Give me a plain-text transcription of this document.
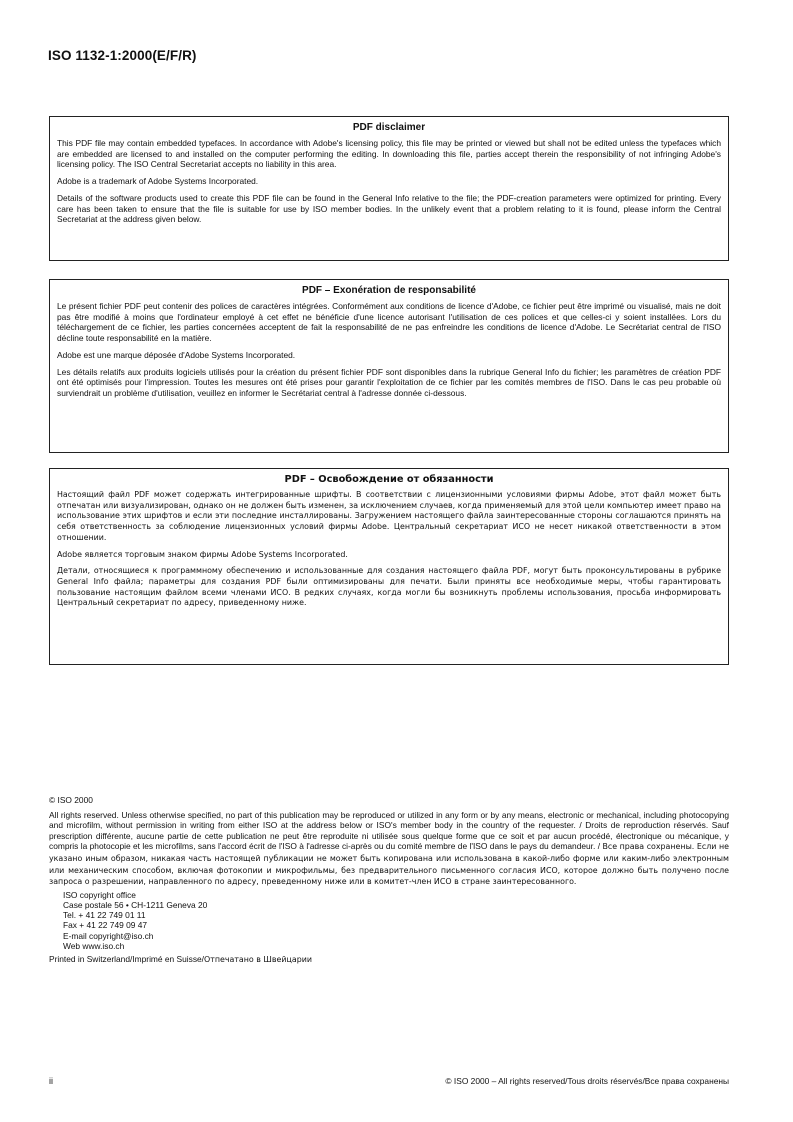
ISO 1132-1:2000(E/F/R)
PDF disclaimer

This PDF file may contain embedded typefaces. In accordance with Adobe's licensing policy, this file may be printed or viewed but shall not be edited unless the typefaces which are embedded are licensed to and installed on the computer performing the editing. In downloading this file, parties accept therein the responsibility of not infringing Adobe's licensing policy. The ISO Central Secretariat accepts no liability in this area.

Adobe is a trademark of Adobe Systems Incorporated.

Details of the software products used to create this PDF file can be found in the General Info relative to the file; the PDF-creation parameters were optimized for printing. Every care has been taken to ensure that the file is suitable for use by ISO member bodies. In the unlikely event that a problem relating to it is found, please inform the Central Secretariat at the address given below.

PDF – Exonération de responsabilité

Le présent fichier PDF peut contenir des polices de caractères intégrées. Conformément aux conditions de licence d'Adobe, ce fichier peut être imprimé ou visualisé, mais ne doit pas être modifié à moins que l'ordinateur employé à cet effet ne bénéficie d'une licence autorisant l'utilisation de ces polices et que celles-ci y soient installées. Lors du téléchargement de ce fichier, les parties concernées acceptent de fait la responsabilité de ne pas enfreindre les conditions de licence d'Adobe. Le Secrétariat central de l'ISO décline toute responsabilité en la matière.

Adobe est une marque déposée d'Adobe Systems Incorporated.

Les détails relatifs aux produits logiciels utilisés pour la création du présent fichier PDF sont disponibles dans la rubrique General Info du fichier; les paramètres de création PDF ont été optimisés pour l'impression. Toutes les mesures ont été prises pour garantir l'exploitation de ce fichier par les comités membres de l'ISO. Dans le cas peu probable où surviendrait un problème d'utilisation, veuillez en informer le Secrétariat central à l'adresse donnée ci-dessous.

PDF – Освобождение от обязанности

Настоящий файл PDF может содержать интегрированные шрифты. В соответствии с лицензионными условиями фирмы Adobe, этот файл может быть отпечатан или визуализирован, однако он не должен быть изменен, за исключением случаев, когда применяемый для этой цели компьютер имеет право на использование этих шрифтов и если эти последние инсталлированы. Загружением настоящего файла заинтересованные стороны соглашаются принять на себя ответственность за соблюдение лицензионных условий фирмы Adobe. Центральный секретариат ИСО не несет никакой ответственности в этом отношении.

Adobe является торговым знаком фирмы Adobe Systems Incorporated.

Детали, относящиеся к программному обеспечению и использованные для создания настоящего файла PDF, могут быть проконсультированы в рубрике General Info файла; параметры для создания PDF были оптимизированы для печати. Были приняты все необходимые меры, чтобы гарантировать пользование настоящим файлом всеми членами ИСО. В редких случаях, когда могли бы возникнуть проблемы использования, просьба информировать Центральный секретариат по адресу, приведенному ниже.

© ISO 2000

All rights reserved. Unless otherwise specified, no part of this publication may be reproduced or utilized in any form or by any means, electronic or mechanical, including photocopying and microfilm, without permission in writing from either ISO at the address below or ISO's member body in the country of the requester. / Droits de reproduction réservés. Sauf prescription différente, aucune partie de cette publication ne peut être reproduite ni utilisée sous quelque forme que ce soit et par aucun procédé, électronique ou mécanique, y compris la photocopie et les microfilms, sans l'accord écrit de l'ISO à l'adresse ci-après ou du comité membre de l'ISO dans le pays du demandeur. / Все права сохранены. Если не указано иным образом, никакая часть настоящей публикации не может быть копирована или использована в какой-либо форме или каким-либо электронным или механическим способом, включая фотокопии и микрофильмы, без предварительного письменного согласия ИСО, которое должно быть получено после запроса о разрешении, направленного по адресу, преведенному ниже или в комитет-член ИСО в стране заинтересованного.

ISO copyright office
Case postale 56 • CH-1211 Geneva 20
Tel. + 41 22 749 01 11
Fax + 41 22 749 09 47
E-mail copyright@iso.ch
Web www.iso.ch
Printed in Switzerland/Imprimé en Suisse/Отпечатано в Швейцарии
ii	© ISO 2000 – All rights reserved/Tous droits réservés/Все права сохранены
